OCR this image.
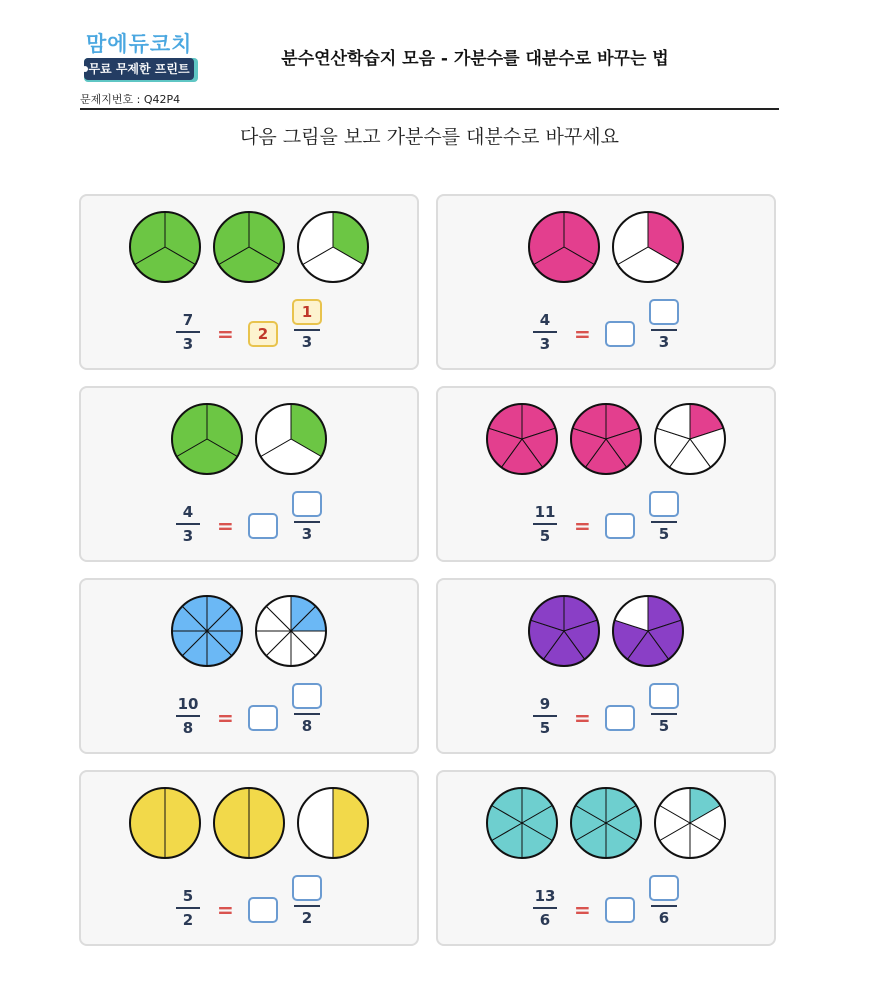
맘에듀코치
무료 무제한 프린트	분수연산학습지 모음 - 가분수를 대분수로 바꾸는 법
문제지번호 : Q42P4
다음 그림을 보고 가분수를 대분수로 바꾸세요
7
3	=	2
1
3
4
3	=	3
4
3	=	3
11
5	=	5
10
8	=	8
9
5	=	5
5
2	=	2
13
6	=	6
